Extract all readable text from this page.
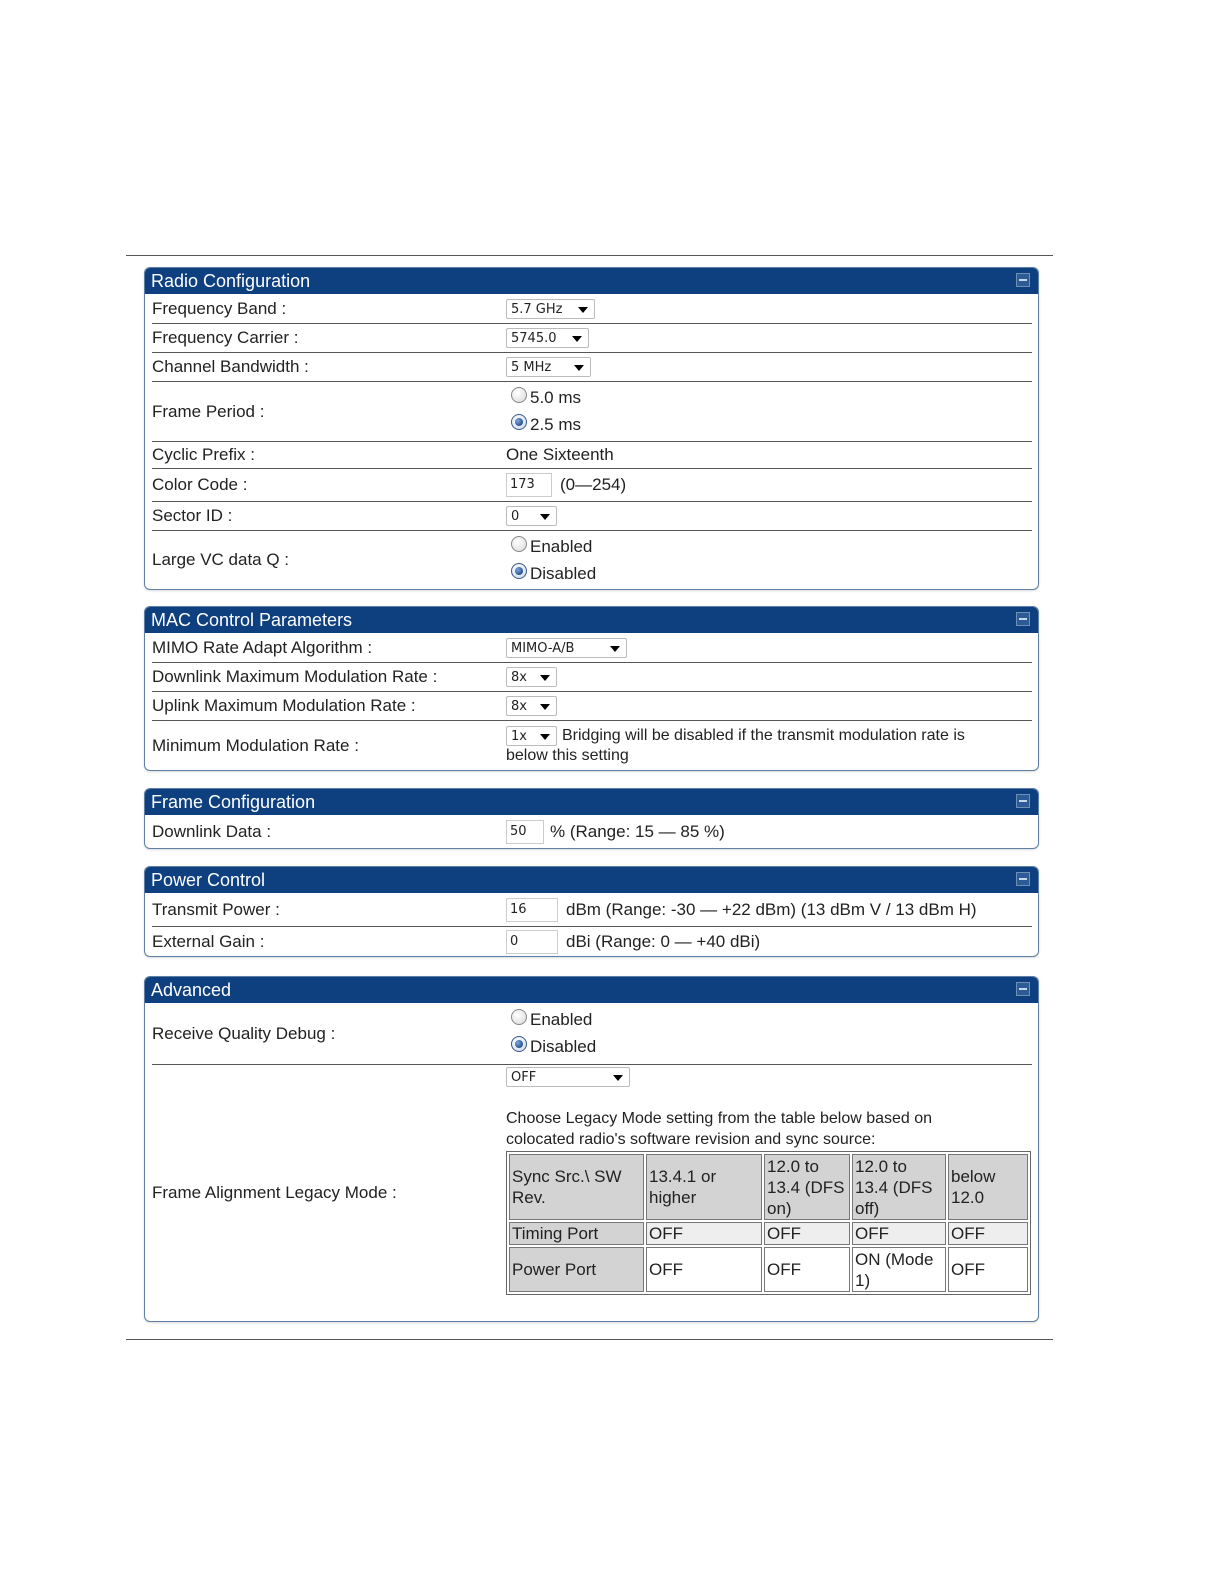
Radio Configuration
Frequency Band :	5.7 GHz
Frequency Carrier :	5745.0
Channel Bandwidth :	5 MHz
Frame Period :
5.0 ms
2.5 ms
Cyclic Prefix :	One Sixteenth
Color Code :	173	(0—254)
Sector ID :	0
Large VC data Q :
Enabled
Disabled
MAC Control Parameters
MIMO Rate Adapt Algorithm :	MIMO-A/B
Downlink Maximum Modulation Rate :	8x
Uplink Maximum Modulation Rate :	8x
Minimum Modulation Rate :	1x	Bridging will be disabled if the transmit modulation rate is
below this setting
Frame Configuration
Downlink Data :	50	% (Range: 15 — 85 %)
Power Control
Transmit Power :	16	dBm (Range: -30 — +22 dBm) (13 dBm V / 13 dBm H)
External Gain :	0	dBi (Range: 0 — +40 dBi)
Advanced
Receive Quality Debug :
Enabled
Disabled
Frame Alignment Legacy Mode :
OFF
Choose Legacy Mode setting from the table below based on
colocated radio's software revision and sync source:
Sync Src.\ SW Rev.	13.4.1 or higher	12.0 to 13.4 (DFS on)	12.0 to 13.4 (DFS off)	below 12.0
Timing Port	OFF	OFF	OFF	OFF
Power Port	OFF	OFF	ON (Mode 1)	OFF
